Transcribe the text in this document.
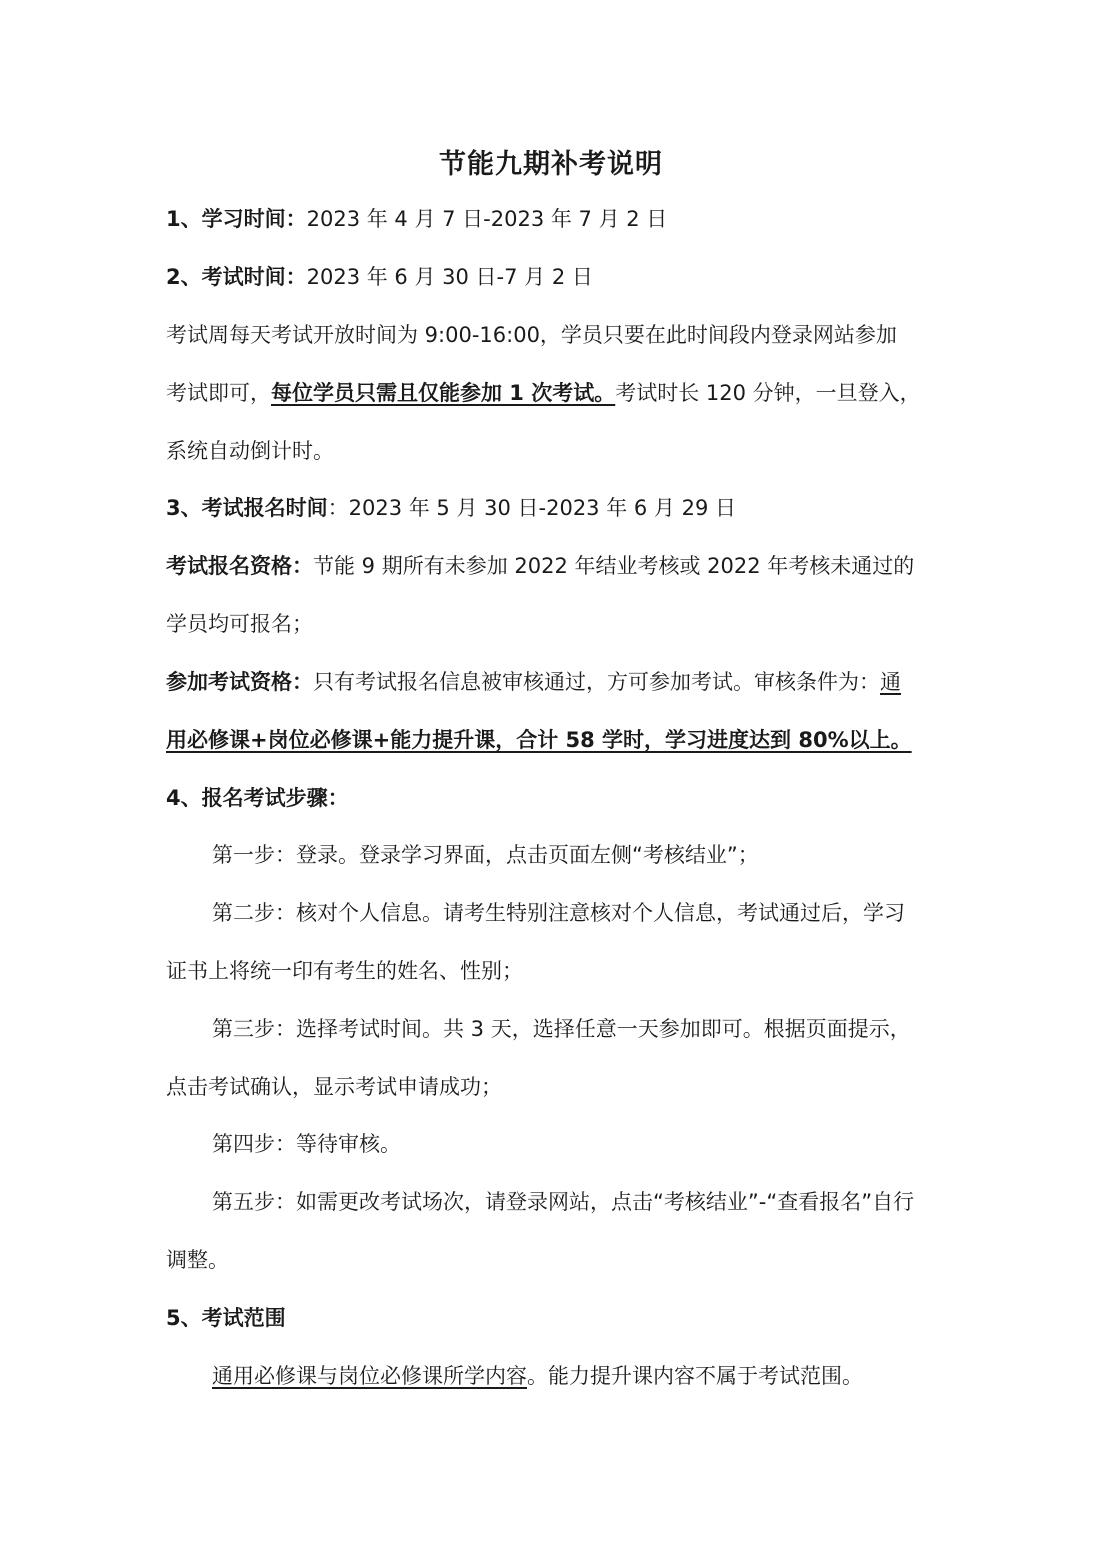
节能九期补考说明
1、学习时间：2023 年 4 月 7 日-2023 年 7 月 2 日
2、考试时间：2023 年 6 月 30 日-7 月 2 日
考试周每天考试开放时间为 9:00-16:00，学员只要在此时间段内登录网站参加
考试即可，每位学员只需且仅能参加 1 次考试。考试时长 120 分钟，一旦登入，
系统自动倒计时。
3、考试报名时间：2023 年 5 月 30 日-2023 年 6 月 29 日
考试报名资格：节能 9 期所有未参加 2022 年结业考核或 2022 年考核未通过的
学员均可报名；
参加考试资格：只有考试报名信息被审核通过，方可参加考试。审核条件为：通
用必修课+岗位必修课+能力提升课，合计 58 学时，学习进度达到 80%以上。
4、报名考试步骤：
第一步：登录。登录学习界面，点击页面左侧“考核结业”；
第二步：核对个人信息。请考生特别注意核对个人信息，考试通过后，学习
证书上将统一印有考生的姓名、性别；
第三步：选择考试时间。共 3 天，选择任意一天参加即可。根据页面提示，
点击考试确认，显示考试申请成功；
第四步：等待审核。
第五步：如需更改考试场次，请登录网站，点击“考核结业”-“查看报名”自行
调整。
5、考试范围
通用必修课与岗位必修课所学内容。能力提升课内容不属于考试范围。
